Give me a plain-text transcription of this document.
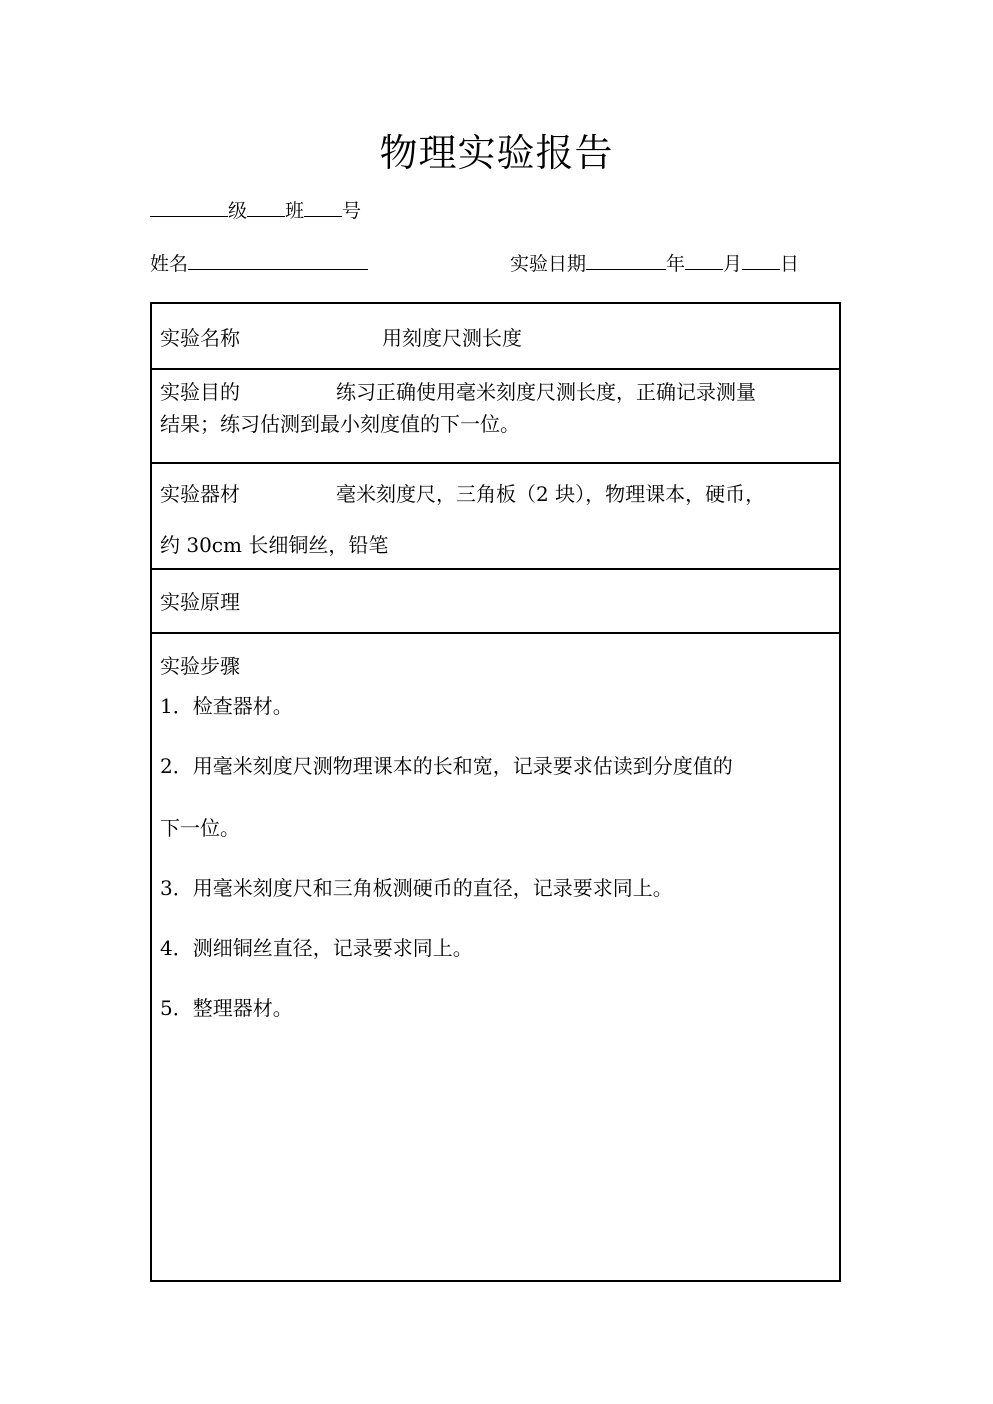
物理实验报告
级 班 号
姓名	实验日期	年 月 日
实验名称	用刻度尺测长度
实验目的	练习正确使用毫米刻度尺测长度，正确记录测量
结果；练习估测到最小刻度值的下一位。
实验器材	毫米刻度尺，三角板（2 块），物理课本，硬币，
约 30cm 长细铜丝，铅笔
实验原理
实验步骤
1．检查器材。
2．用毫米刻度尺测物理课本的长和宽，记录要求估读到分度值的
下一位。
3．用毫米刻度尺和三角板测硬币的直径，记录要求同上。
4．测细铜丝直径，记录要求同上。
5．整理器材。
